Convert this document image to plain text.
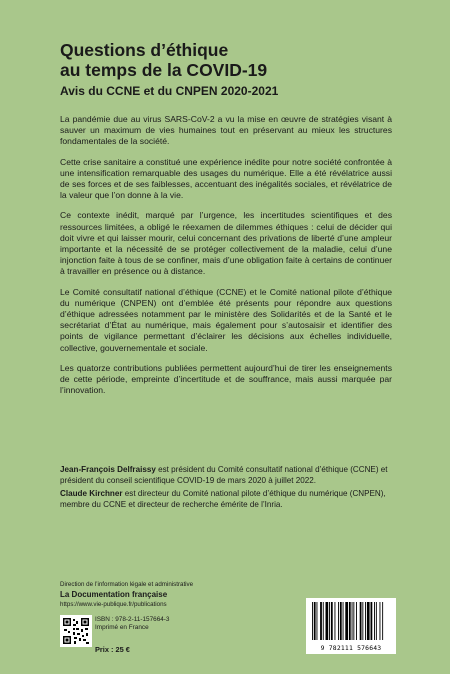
Questions d’éthique
au temps de la COVID-19
Avis du CCNE et du CNPEN 2020-2021

La pandémie due au virus SARS-CoV-2 a vu la mise en œuvre de stratégies visant à sauver un maximum de vies humaines tout en préservant au mieux les structures fondamentales de la société.

Cette crise sanitaire a constitué une expérience inédite pour notre société confrontée à une intensification remarquable des usages du numérique. Elle a été révélatrice aussi de ses forces et de ses faiblesses, accentuant des inégalités sociales, et révélatrice de la valeur que l’on donne à la vie.

Ce contexte inédit, marqué par l’urgence, les incertitudes scientifiques et des ressources limitées, a obligé le réexamen de dilemmes éthiques : celui de décider qui doit vivre et qui laisser mourir, celui concernant des privations de liberté d’une ampleur importante et la nécessité de se protéger collectivement de la maladie, celui d’une injonction faite à tous de se confiner, mais d’une obligation faite à certains de continuer à travailler en présence ou à distance.

Le Comité consultatif national d’éthique (CCNE) et le Comité national pilote d’éthique du numérique (CNPEN) ont d’emblée été présents pour répondre aux questions d’éthique adressées notamment par le ministère des Solidarités et de la Santé et le secrétariat d’État au numérique, mais également pour s’autosaisir et identifier des points de vigilance permettant d’éclairer les décisions aux échelles individuelle, collective, gouvernementale et sociale.

Les quatorze contributions publiées permettent aujourd’hui de tirer les enseignements de cette période, empreinte d’incertitude et de souffrance, mais aussi marquée par l’innovation.

Jean-François Delfraissy est président du Comité consultatif national d’éthique (CCNE) et président du conseil scientifique COVID-19 de mars 2020 à juillet 2022.

Claude Kirchner est directeur du Comité national pilote d’éthique du numérique (CNPEN), membre du CCNE et directeur de recherche émérite de l’Inria.

Direction de l’information légale et administrative
La Documentation française
https://www.vie-publique.fr/publications
ISBN : 978-2-11-157664-3
Imprimé en France
Prix : 25 €	9 782111 576643
